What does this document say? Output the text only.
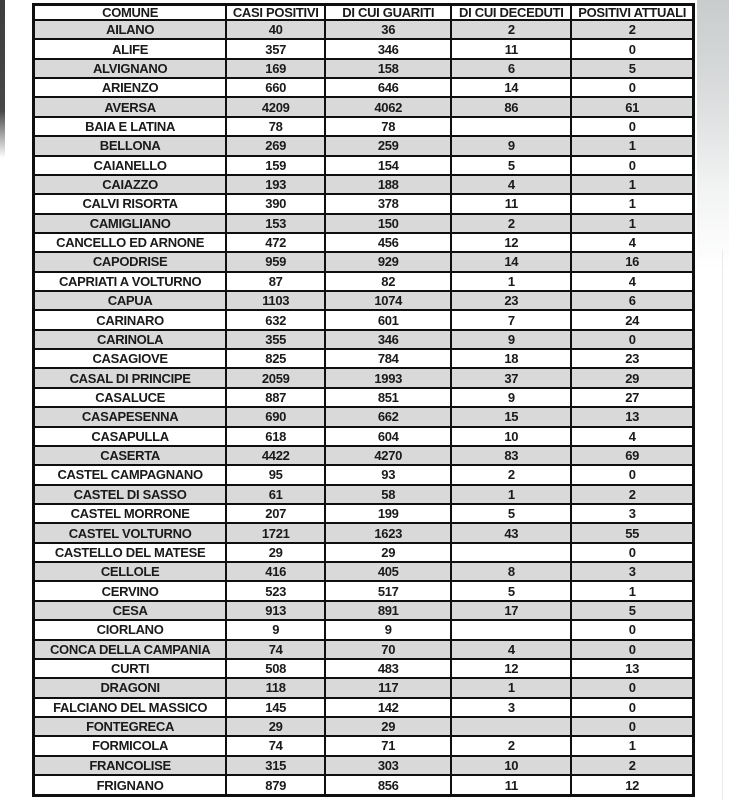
COMUNE	CASI POSITIVI	DI CUI GUARITI	DI CUI DECEDUTI	POSITIVI ATTUALI
AILANO	40	36	2	2
ALIFE	357	346	11	0
ALVIGNANO	169	158	6	5
ARIENZO	660	646	14	0
AVERSA	4209	4062	86	61
BAIA E LATINA	78	78		0
BELLONA	269	259	9	1
CAIANELLO	159	154	5	0
CAIAZZO	193	188	4	1
CALVI RISORTA	390	378	11	1
CAMIGLIANO	153	150	2	1
CANCELLO ED ARNONE	472	456	12	4
CAPODRISE	959	929	14	16
CAPRIATI A VOLTURNO	87	82	1	4
CAPUA	1103	1074	23	6
CARINARO	632	601	7	24
CARINOLA	355	346	9	0
CASAGIOVE	825	784	18	23
CASAL DI PRINCIPE	2059	1993	37	29
CASALUCE	887	851	9	27
CASAPESENNA	690	662	15	13
CASAPULLA	618	604	10	4
CASERTA	4422	4270	83	69
CASTEL CAMPAGNANO	95	93	2	0
CASTEL DI SASSO	61	58	1	2
CASTEL MORRONE	207	199	5	3
CASTEL VOLTURNO	1721	1623	43	55
CASTELLO DEL MATESE	29	29		0
CELLOLE	416	405	8	3
CERVINO	523	517	5	1
CESA	913	891	17	5
CIORLANO	9	9		0
CONCA DELLA CAMPANIA	74	70	4	0
CURTI	508	483	12	13
DRAGONI	118	117	1	0
FALCIANO DEL MASSICO	145	142	3	0
FONTEGRECA	29	29		0
FORMICOLA	74	71	2	1
FRANCOLISE	315	303	10	2
FRIGNANO	879	856	11	12
